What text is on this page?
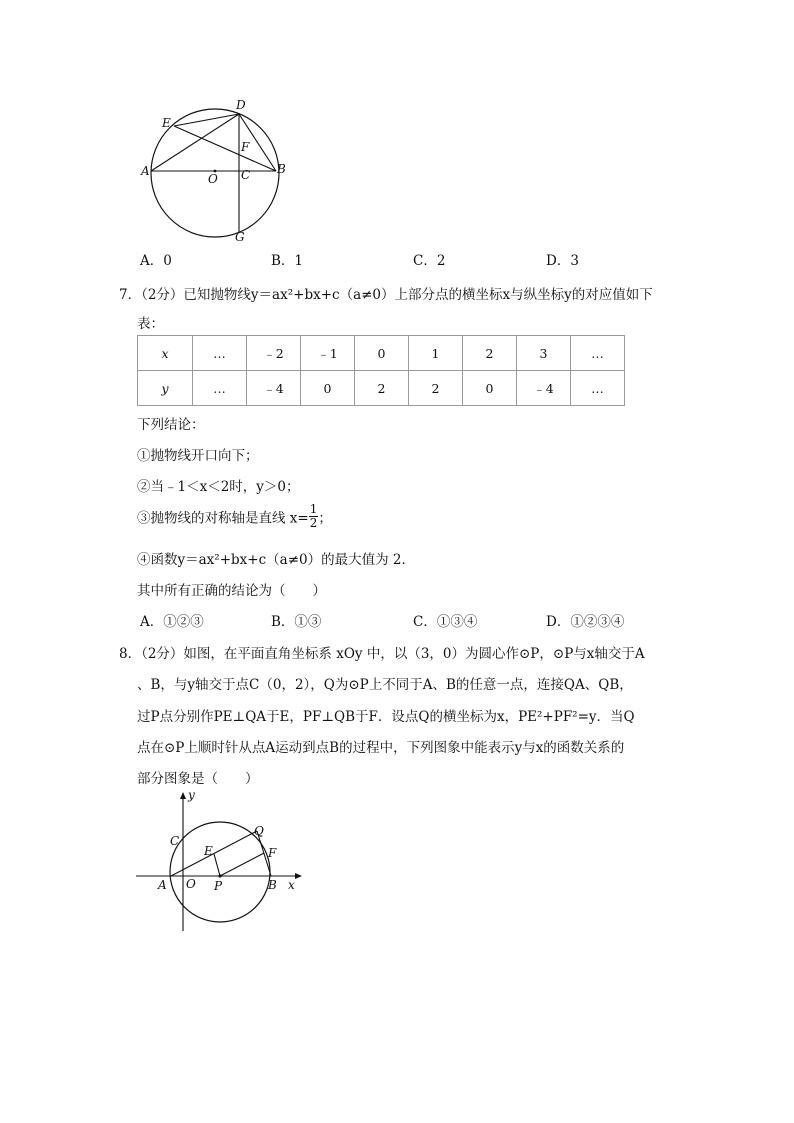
D
E
F
A
O C B
G
A．0	B．1	C．2	D．3
7．（2分）已知抛物线y＝ax²+bx+c（a≠0）上部分点的横坐标x与纵坐标y的对应值如下
表：
x	…	﹣2	﹣1	0	1	2	3	…
y	…	﹣4	0	2	2	0	﹣4	…
下列结论：
①抛物线开口向下；
②当﹣1＜x＜2时，y＞0；
③抛物线的对称轴是直线 $x= \frac{1}{2}$ ；
④函数y＝ax²+bx+c（a≠0）的最大值为 2．
其中所有正确的结论为（　　）
A．①②③	B．①③	C．①③④	D．①②③④
8．（2分）如图，在平面直角坐标系 xOy 中，以（3，0）为圆心作⊙P，⊙P与x轴交于A
、B，与y轴交于点C（0，2），Q为⊙P上不同于A、B的任意一点，连接QA、QB，
过P点分别作PE⊥QA于E，PF⊥QB于F．设点Q的横坐标为x，PE²+PF²=y．当Q
点在⊙P上顺时针从点A运动到点B的过程中，下列图象中能表示y与x的函数关系的
部分图象是（　　）
y
C
Q
E	F
A O P	B x
